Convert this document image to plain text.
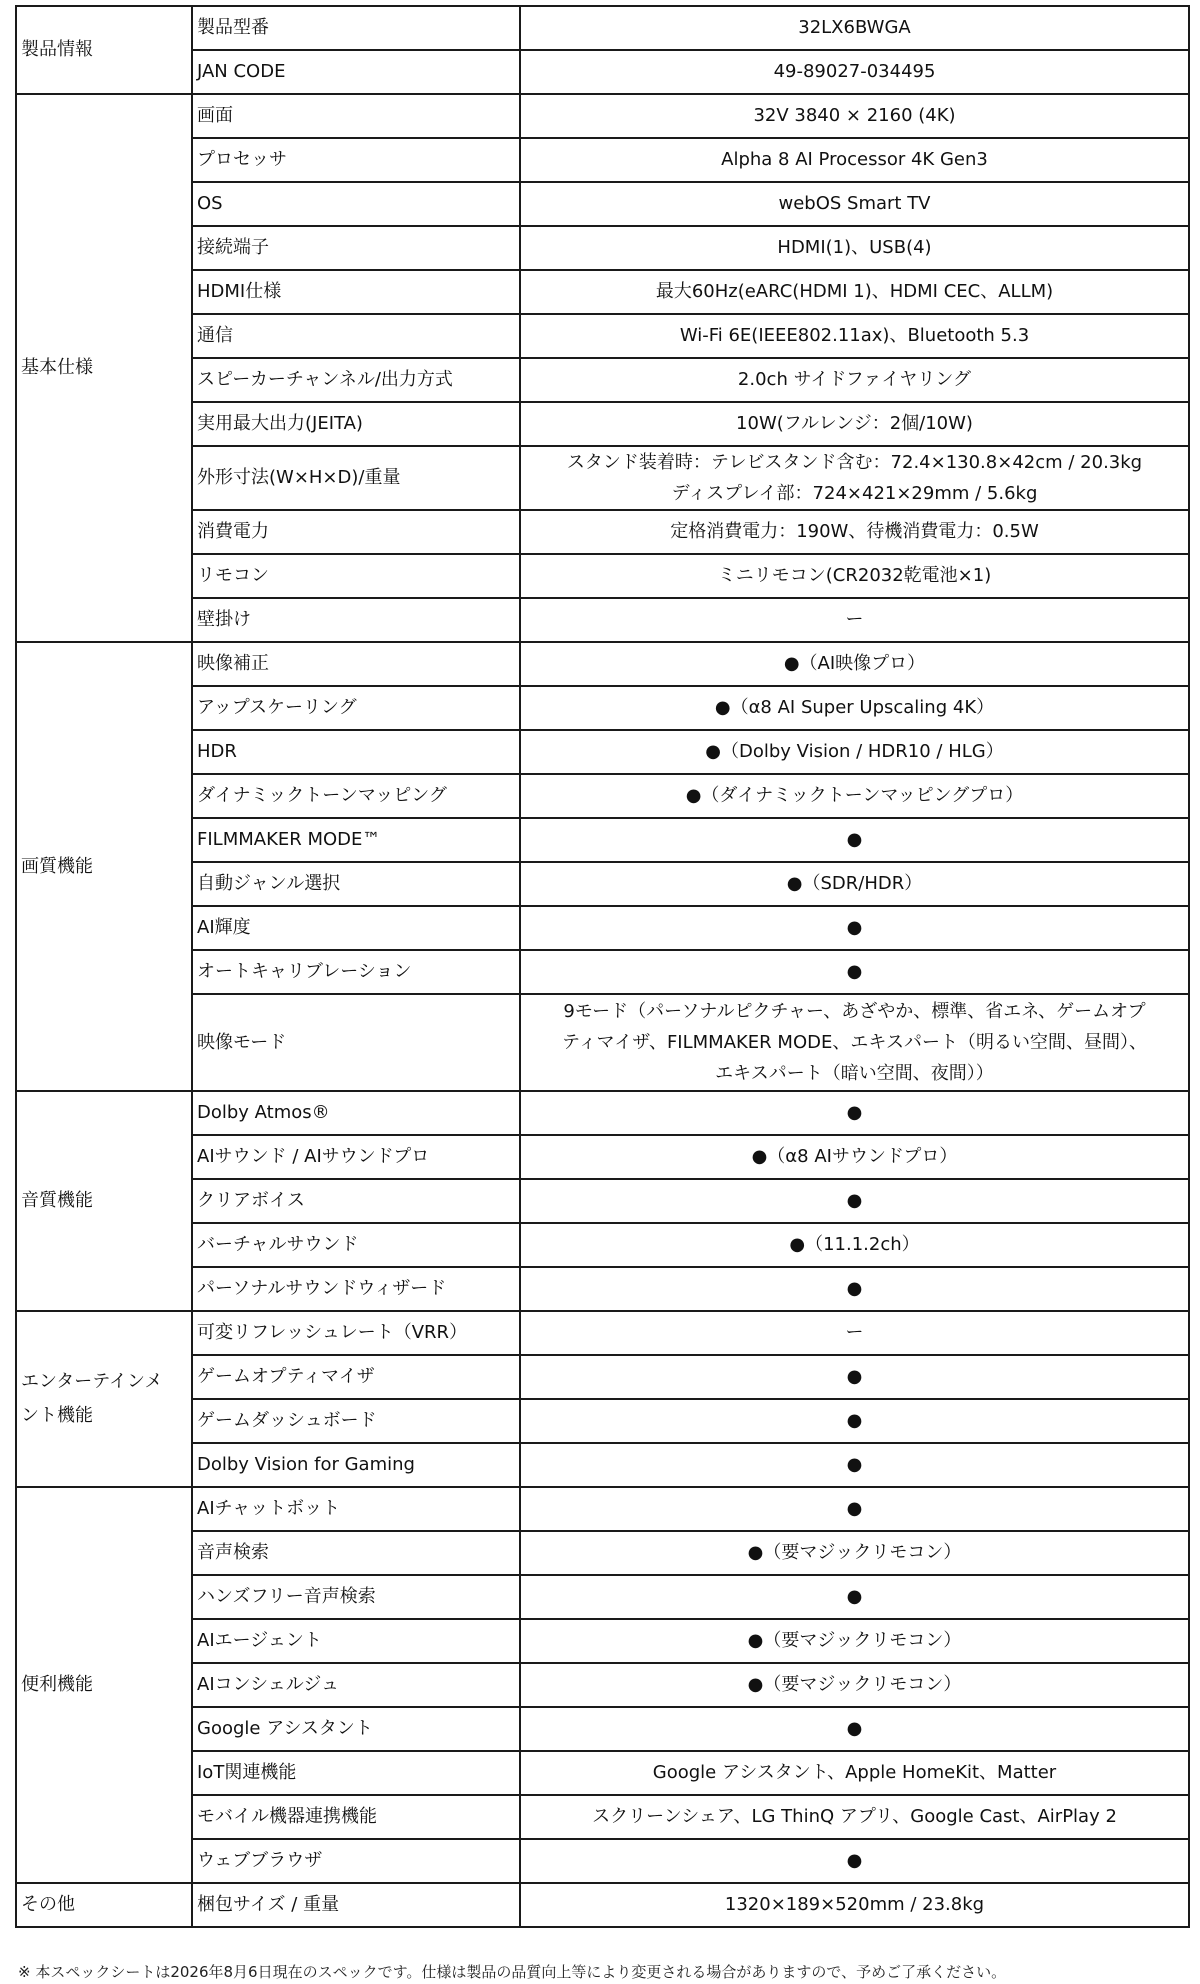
製品情報	製品型番	32LX6BWGA
	JAN CODE	49-89027-034495
基本仕様	画面	32V 3840 × 2160 (4K)
	プロセッサ	Alpha 8 AI Processor 4K Gen3
	OS	webOS Smart TV
	接続端子	HDMI(1)、USB(4)
	HDMI仕様	最大60Hz(eARC(HDMI 1)、HDMI CEC、ALLM)
	通信	Wi-Fi 6E(IEEE802.11ax)、Bluetooth 5.3
	スピーカーチャンネル/出力方式	2.0ch サイドファイヤリング
	実用最大出力(JEITA)	10W(フルレンジ：2個/10W)
	外形寸法(W×H×D)/重量	スタンド装着時：テレビスタンド含む：72.4×130.8×42cm / 20.3kg
ディスプレイ部：724×421×29mm / 5.6kg
	消費電力	定格消費電力：190W、待機消費電力：0.5W
	リモコン	ミニリモコン(CR2032乾電池×1)
	壁掛け	ー
画質機能	映像補正	●（AI映像プロ）
	アップスケーリング	●（α8 AI Super Upscaling 4K）
	HDR	●（Dolby Vision / HDR10 / HLG）
	ダイナミックトーンマッピング	●（ダイナミックトーンマッピングプロ）
	FILMMAKER MODE™	●
	自動ジャンル選択	●（SDR/HDR）
	AI輝度	●
	オートキャリブレーション	●
	映像モード	9モード（パーソナルピクチャー、あざやか、標準、省エネ、ゲームオプ
ティマイザ、FILMMAKER MODE、エキスパート（明るい空間、昼間）、
エキスパート（暗い空間、夜間））
音質機能	Dolby Atmos®	●
	AIサウンド / AIサウンドプロ	●（α8 AIサウンドプロ）
	クリアボイス	●
	バーチャルサウンド	●（11.1.2ch）
	パーソナルサウンドウィザード	●
エンターテインメ
ント機能	可変リフレッシュレート（VRR）	ー
	ゲームオプティマイザ	●
	ゲームダッシュボード	●
	Dolby Vision for Gaming	●
便利機能	AIチャットボット	●
	音声検索	●（要マジックリモコン）
	ハンズフリー音声検索	●
	AIエージェント	●（要マジックリモコン）
	AIコンシェルジュ	●（要マジックリモコン）
	Google アシスタント	●
	IoT関連機能	Google アシスタント、Apple HomeKit、Matter
	モバイル機器連携機能	スクリーンシェア、LG ThinQ アプリ、Google Cast、AirPlay 2
	ウェブブラウザ	●
その他	梱包サイズ / 重量	1320×189×520mm / 23.8kg
※ 本スペックシートは2026年8月6日現在のスペックです。仕様は製品の品質向上等により変更される場合がありますので、予めご了承ください。
